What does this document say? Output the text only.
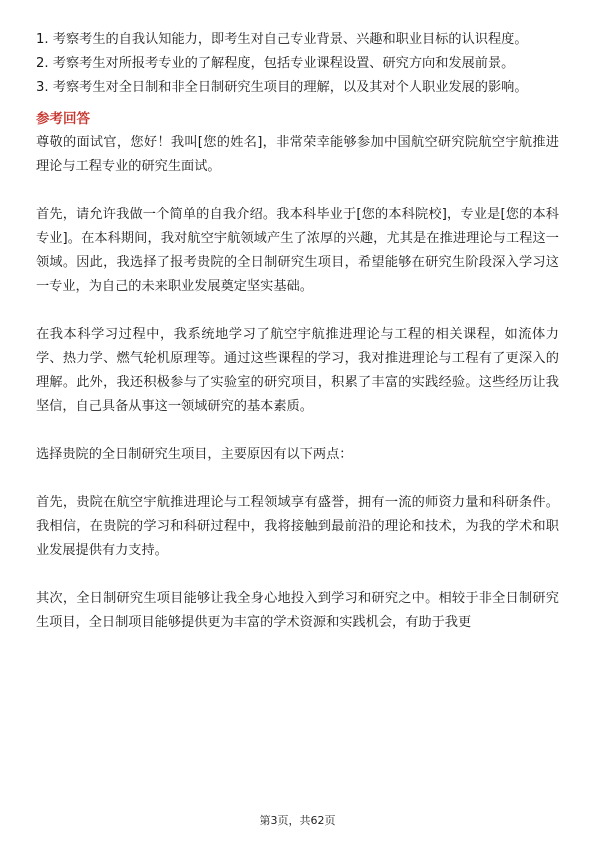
1. 考察考生的自我认知能力，即考生对自己专业背景、兴趣和职业目标的认识程度。

2. 考察考生对所报考专业的了解程度，包括专业课程设置、研究方向和发展前景。

3. 考察考生对全日制和非全日制研究生项目的理解，以及其对个人职业发展的影响。

参考回答

尊敬的面试官，您好！我叫[您的姓名]，非常荣幸能够参加中国航空研究院航空宇航推进理论与工程专业的研究生面试。

首先，请允许我做一个简单的自我介绍。我本科毕业于[您的本科院校]，专业是[您的本科专业]。在本科期间，我对航空宇航领域产生了浓厚的兴趣，尤其是在推进理论与工程这一领域。因此，我选择了报考贵院的全日制研究生项目，希望能够在研究生阶段深入学习这一专业，为自己的未来职业发展奠定坚实基础。

在我本科学习过程中，我系统地学习了航空宇航推进理论与工程的相关课程，如流体力学、热力学、燃气轮机原理等。通过这些课程的学习，我对推进理论与工程有了更深入的理解。此外，我还积极参与了实验室的研究项目，积累了丰富的实践经验。这些经历让我坚信，自己具备从事这一领域研究的基本素质。

选择贵院的全日制研究生项目，主要原因有以下两点：

首先，贵院在航空宇航推进理论与工程领域享有盛誉，拥有一流的师资力量和科研条件。我相信，在贵院的学习和科研过程中，我将接触到最前沿的理论和技术，为我的学术和职业发展提供有力支持。

其次，全日制研究生项目能够让我全身心地投入到学习和研究之中。相较于非全日制研究生项目，全日制项目能够提供更为丰富的学术资源和实践机会，有助于我更

第3页，共62页
